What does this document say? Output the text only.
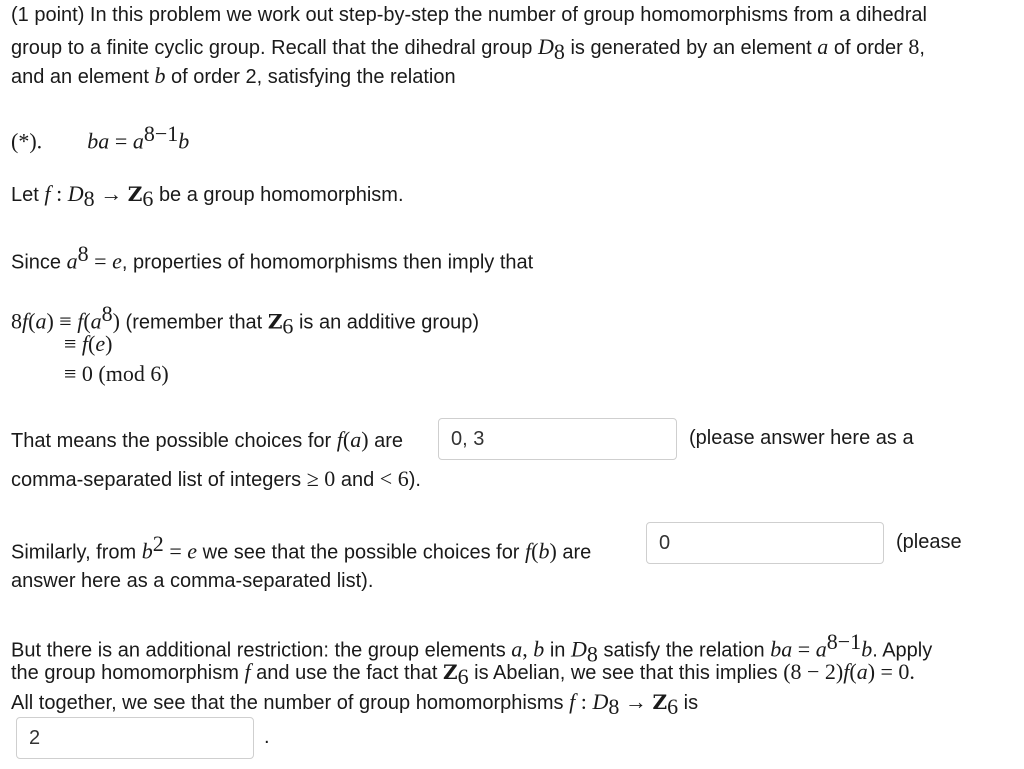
(1 point) In this problem we work out step-by-step the number of group homomorphisms from a dihedral
group to a finite cyclic group. Recall that the dihedral group $D_8$ is generated by an element a of order 8,
and an element b of order 2, satisfying the relation
(*). ba = $a^{8-1}b$
Let f : $D_8 \to Z_6$ be a group homomorphism.
Since $a^8 = e$, properties of homomorphisms then imply that
$8f(a) \equiv f(a^8)$ (remember that $Z_6$ is an additive group)
≡ f(e)
≡ 0 (mod 6)
That means the possible choices for f(a) are 0, 3	(please answer here as a
comma-separated list of integers ≥ 0 and < 6).
Similarly, from $b^2 = e$ we see that the possible choices for f(b) are	0	(please
answer here as a comma-separated list).
But there is an additional restriction: the group elements a, b in $D_8$ satisfy the relation ba = $a^{8-1}b$. Apply
the group homomorphism f and use the fact that $Z_6$ is Abelian, we see that this implies (8 − 2)f(a) = 0.
All together, we see that the number of group homomorphisms f : $D_8 \to Z_6$ is
2	.
